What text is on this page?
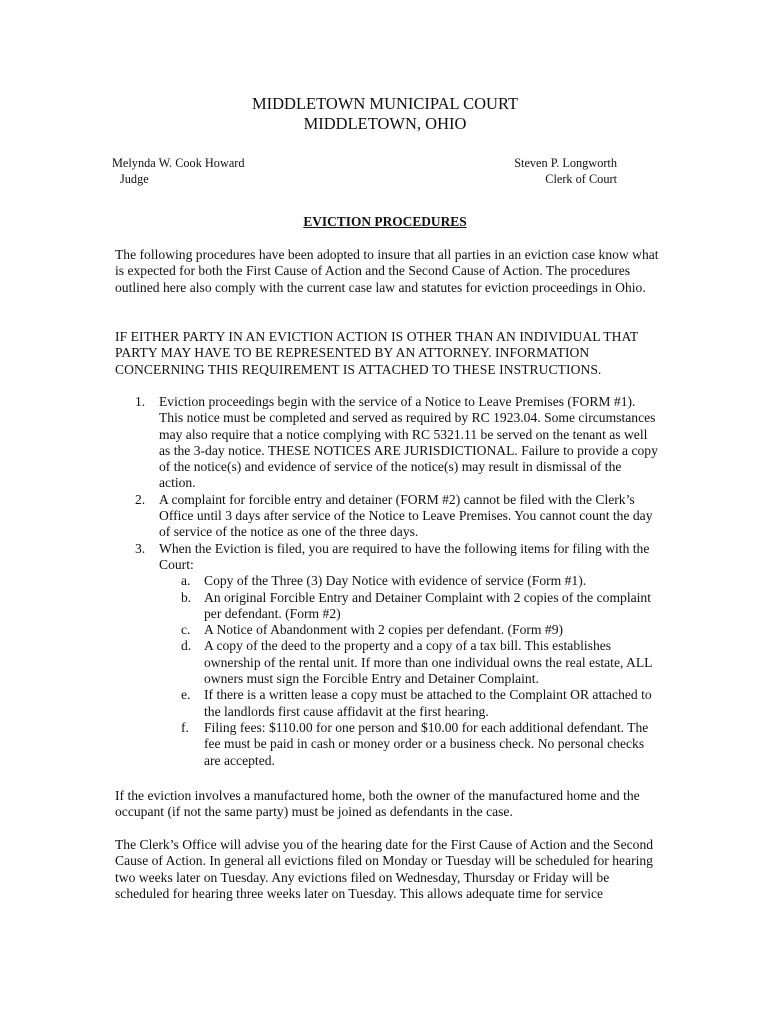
MIDDLETOWN MUNICIPAL COURT
MIDDLETOWN, OHIO
Melynda W. Cook Howard
Judge
Steven P. Longworth
Clerk of Court
EVICTION PROCEDURES

The following procedures have been adopted to insure that all parties in an eviction case know what is expected for both the First Cause of Action and the Second Cause of Action. The procedures outlined here also comply with the current case law and statutes for eviction proceedings in Ohio.

IF EITHER PARTY IN AN EVICTION ACTION IS OTHER THAN AN INDIVIDUAL THAT PARTY MAY HAVE TO BE REPRESENTED BY AN ATTORNEY. INFORMATION CONCERNING THIS REQUIREMENT IS ATTACHED TO THESE INSTRUCTIONS.

1. Eviction proceedings begin with the service of a Notice to Leave Premises (FORM #1). This notice must be completed and served as required by RC 1923.04. Some circumstances may also require that a notice complying with RC 5321.11 be served on the tenant as well as the 3-day notice. THESE NOTICES ARE JURISDICTIONAL. Failure to provide a copy of the notice(s) and evidence of service of the notice(s) may result in dismissal of the action.
2. A complaint for forcible entry and detainer (FORM #2) cannot be filed with the Clerk’s Office until 3 days after service of the Notice to Leave Premises. You cannot count the day of service of the notice as one of the three days.
3. When the Eviction is filed, you are required to have the following items for filing with the Court:
a. Copy of the Three (3) Day Notice with evidence of service (Form #1).
b. An original Forcible Entry and Detainer Complaint with 2 copies of the complaint per defendant. (Form #2)
c. A Notice of Abandonment with 2 copies per defendant. (Form #9)
d. A copy of the deed to the property and a copy of a tax bill. This establishes ownership of the rental unit. If more than one individual owns the real estate, ALL owners must sign the Forcible Entry and Detainer Complaint.
e. If there is a written lease a copy must be attached to the Complaint OR attached to the landlords first cause affidavit at the first hearing.
f. Filing fees: $110.00 for one person and $10.00 for each additional defendant. The fee must be paid in cash or money order or a business check. No personal checks are accepted.

If the eviction involves a manufactured home, both the owner of the manufactured home and the occupant (if not the same party) must be joined as defendants in the case.

The Clerk’s Office will advise you of the hearing date for the First Cause of Action and the Second Cause of Action. In general all evictions filed on Monday or Tuesday will be scheduled for hearing two weeks later on Tuesday. Any evictions filed on Wednesday, Thursday or Friday will be scheduled for hearing three weeks later on Tuesday. This allows adequate time for service
